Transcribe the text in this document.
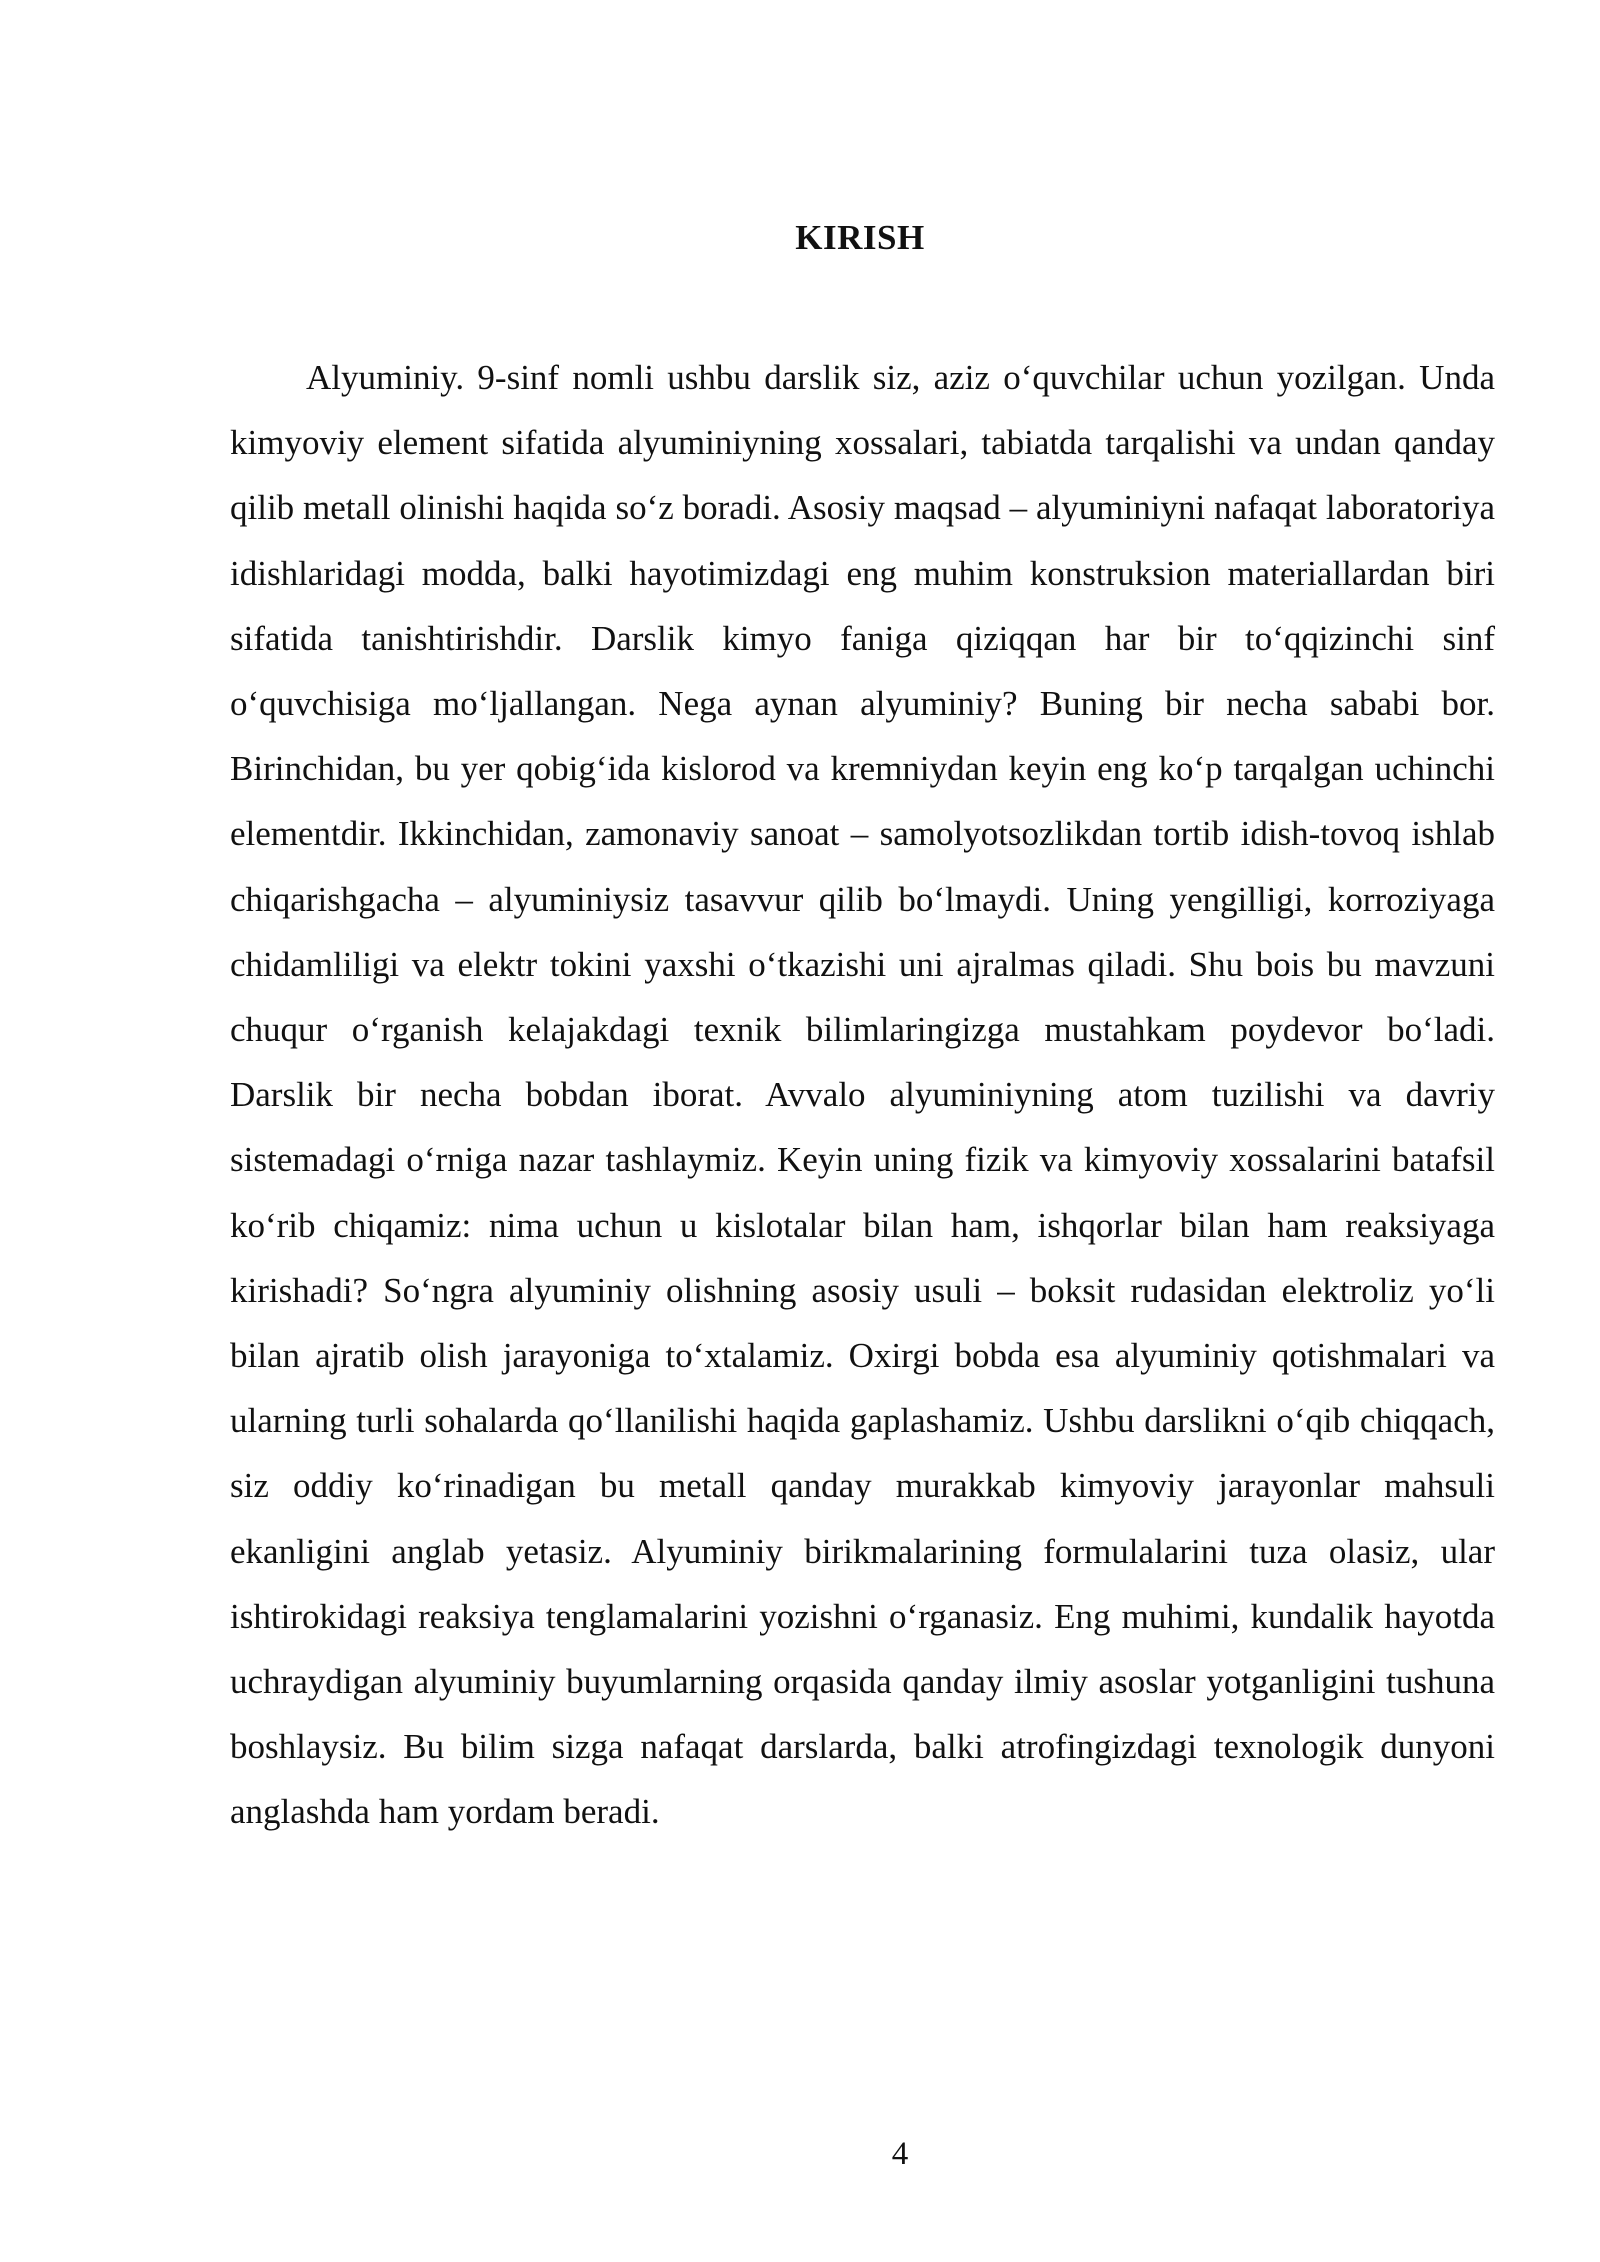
KIRISH

Alyuminiy. 9-sinf nomli ushbu darslik siz, aziz o‘quvchilar uchun yozilgan. Unda kimyoviy element sifatida alyuminiyning xossalari, tabiatda tarqalishi va undan qanday qilib metall olinishi haqida so‘z boradi. Asosiy maqsad – alyuminiyni nafaqat laboratoriya idishlaridagi modda, balki hayotimizdagi eng muhim konstruksion materiallardan biri sifatida tanishtirishdir. Darslik kimyo faniga qiziqqan har bir to‘qqizinchi sinf o‘quvchisiga mo‘ljallangan. Nega aynan alyuminiy? Buning bir necha sababi bor. Birinchidan, bu yer qobig‘ida kislorod va kremniydan keyin eng ko‘p tarqalgan uchinchi elementdir. Ikkinchidan, zamonaviy sanoat – samolyotsozlikdan tortib idish-tovoq ishlab chiqarishgacha – alyuminiysiz tasavvur qilib bo‘lmaydi. Uning yengilligi, korroziyaga chidamliligi va elektr tokini yaxshi o‘tkazishi uni ajralmas qiladi. Shu bois bu mavzuni chuqur o‘rganish kelajakdagi texnik bilimlaringizga mustahkam poydevor bo‘ladi. Darslik bir necha bobdan iborat. Avvalo alyuminiyning atom tuzilishi va davriy sistemadagi o‘rniga nazar tashlaymiz. Keyin uning fizik va kimyoviy xossalarini batafsil ko‘rib chiqamiz: nima uchun u kislotalar bilan ham, ishqorlar bilan ham reaksiyaga kirishadi? So‘ngra alyuminiy olishning asosiy usuli – boksit rudasidan elektroliz yo‘li bilan ajratib olish jarayoniga to‘xtalamiz. Oxirgi bobda esa alyuminiy qotishmalari va ularning turli sohalarda qo‘llanilishi haqida gaplashamiz. Ushbu darslikni o‘qib chiqqach, siz oddiy ko‘rinadigan bu metall qanday murakkab kimyoviy jarayonlar mahsuli ekanligini anglab yetasiz. Alyuminiy birikmalarining formulalarini tuza olasiz, ular ishtirokidagi reaksiya tenglamalarini yozishni o‘rganasiz. Eng muhimi, kundalik hayotda uchraydigan alyuminiy buyumlarning orqasida qanday ilmiy asoslar yotganligini tushuna boshlaysiz. Bu bilim sizga nafaqat darslarda, balki atrofingizdagi texnologik dunyoni anglashda ham yordam beradi.

4
